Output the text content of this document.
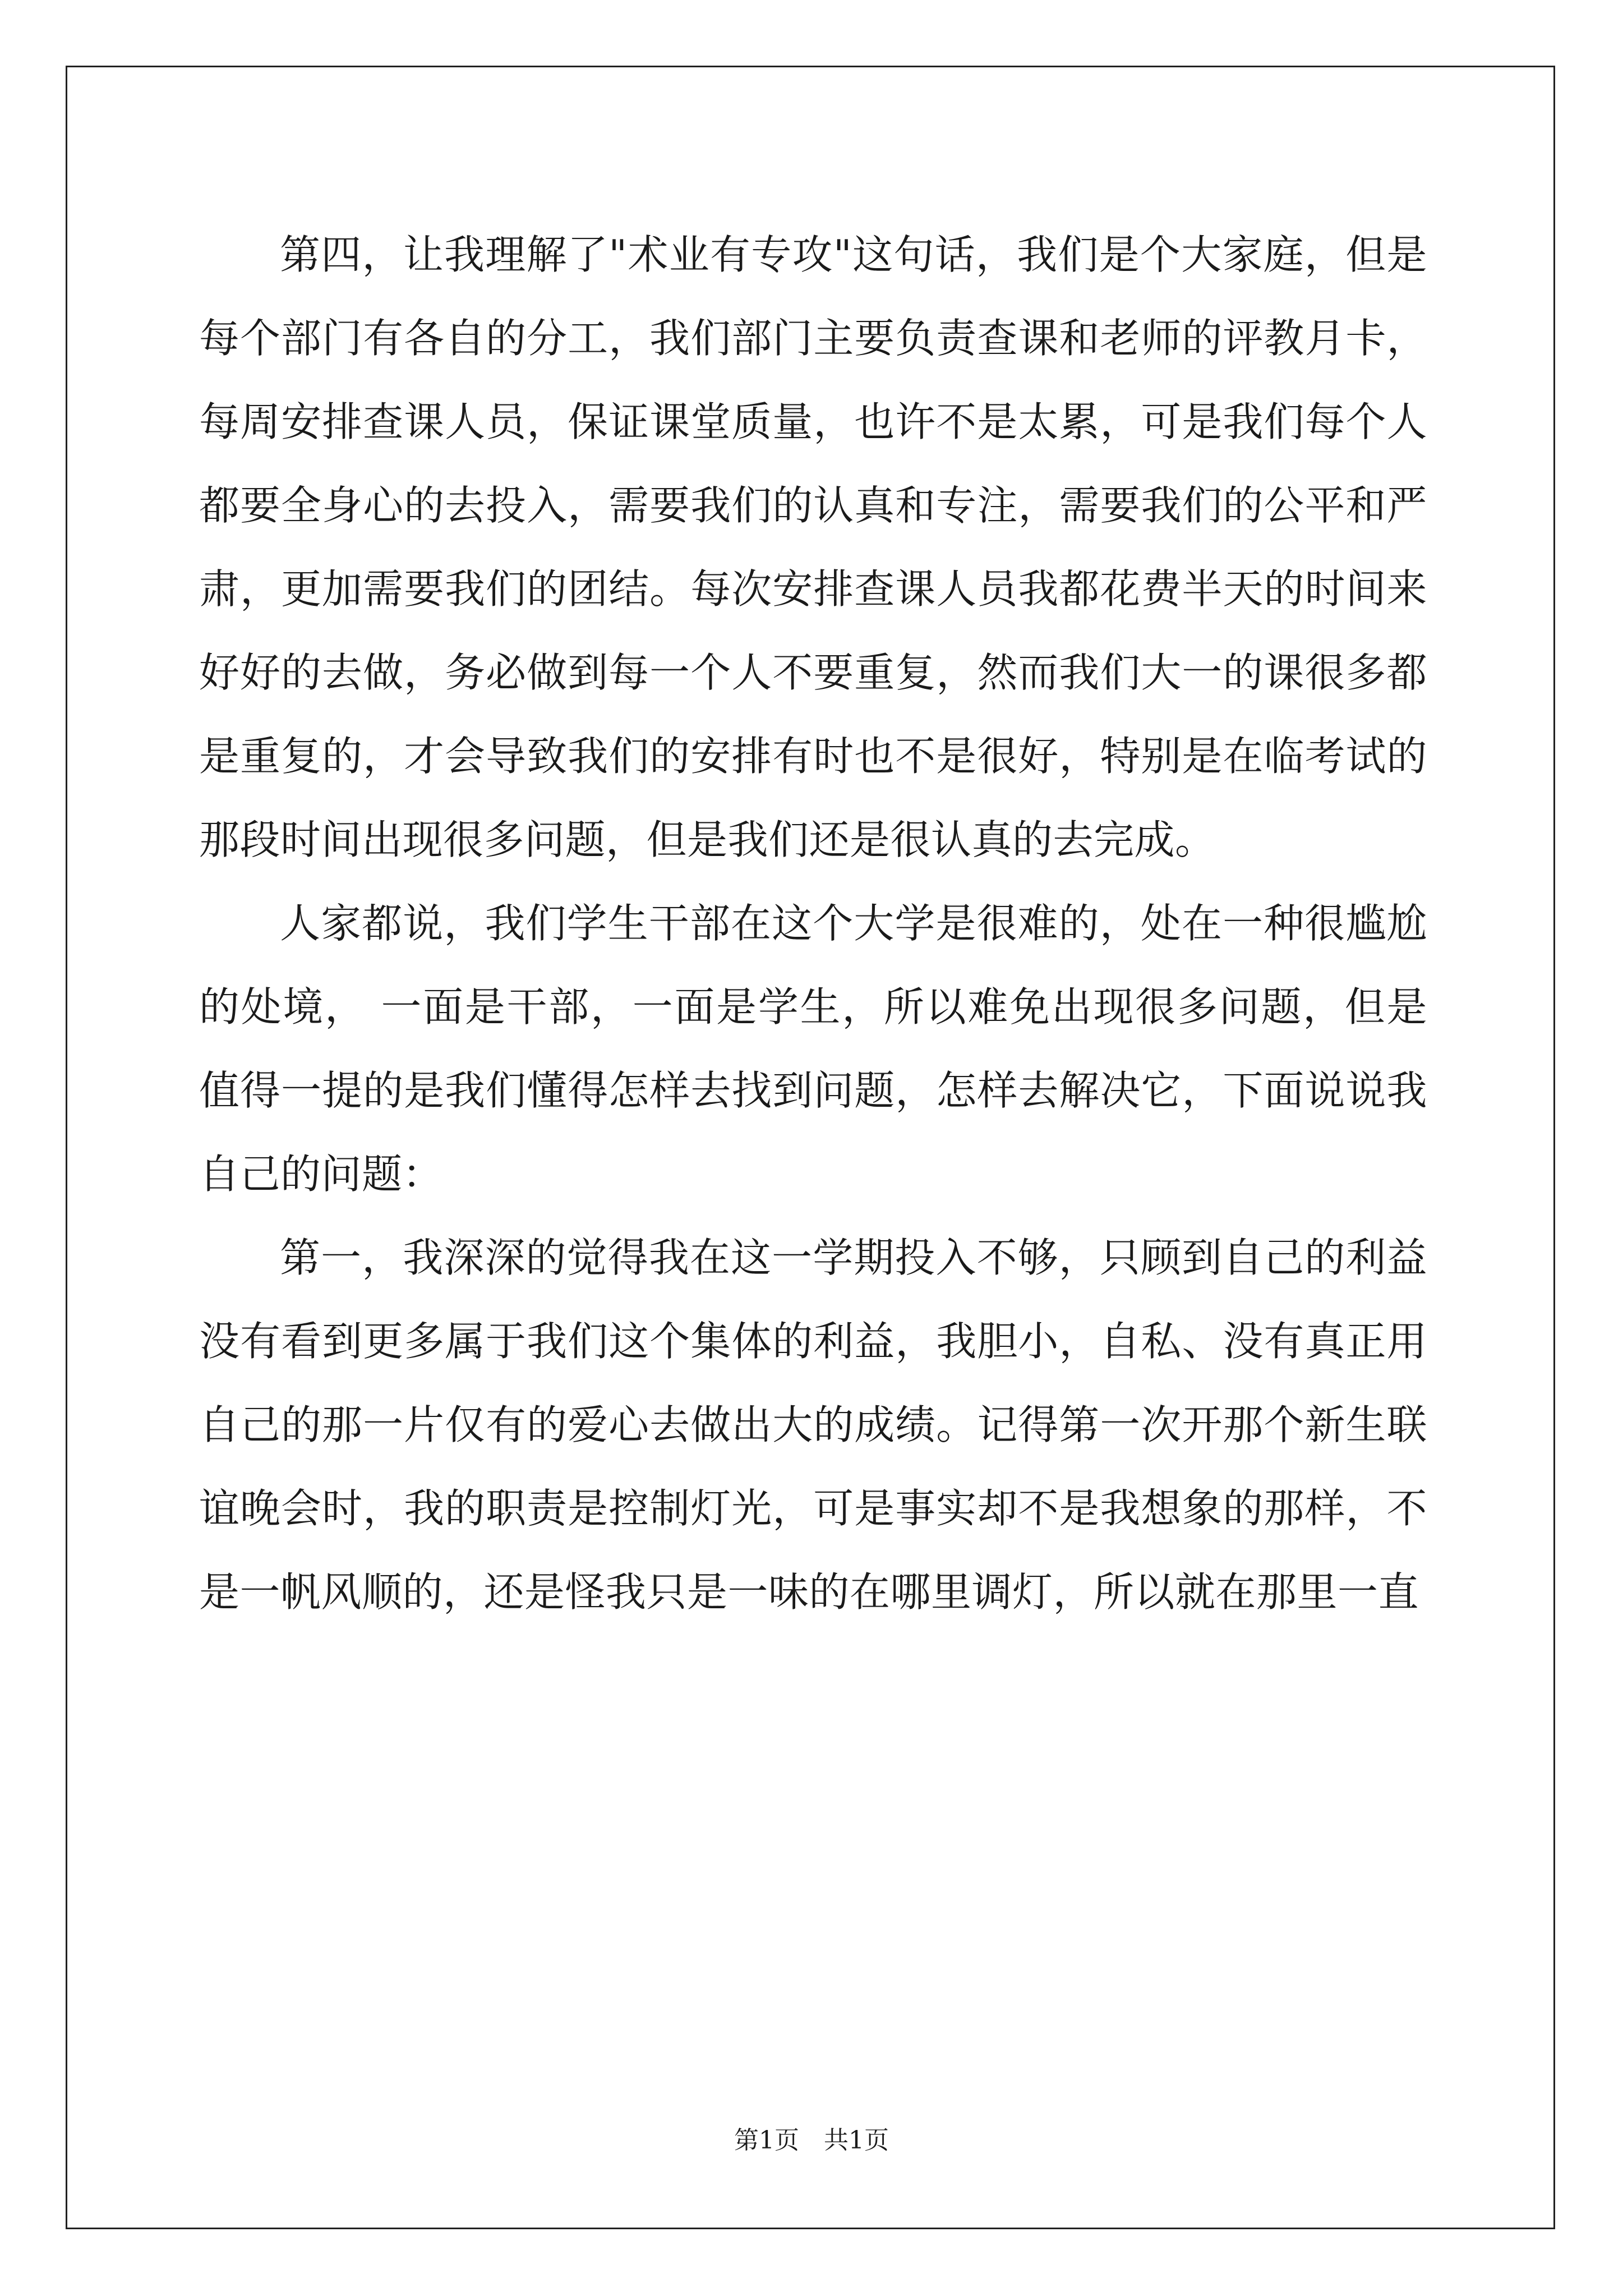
第四，让我理解了"术业有专攻"这句话，我们是个大家庭，但是每个部门有各自的分工，我们部门主要负责查课和老师的评教月卡，每周安排查课人员，保证课堂质量，也许不是太累，可是我们每个人都要全身心的去投入，需要我们的认真和专注，需要我们的公平和严肃，更加需要我们的团结。每次安排查课人员我都花费半天的时间来好好的去做，务必做到每一个人不要重复，然而我们大一的课很多都是重复的，才会导致我们的安排有时也不是很好，特别是在临考试的那段时间出现很多问题，但是我们还是很认真的去完成。

人家都说，我们学生干部在这个大学是很难的，处在一种很尴尬的处境， 一面是干部，一面是学生，所以难免出现很多问题，但是值得一提的是我们懂得怎样去找到问题，怎样去解决它，下面说说我自己的问题：

第一，我深深的觉得我在这一学期投入不够，只顾到自己的利益没有看到更多属于我们这个集体的利益，我胆小，自私、没有真正用自己的那一片仅有的爱心去做出大的成绩。记得第一次开那个新生联谊晚会时，我的职责是控制灯光，可是事实却不是我想象的那样，不是一帆风顺的，还是怪我只是一味的在哪里调灯，所以就在那里一直

第1页　共1页
